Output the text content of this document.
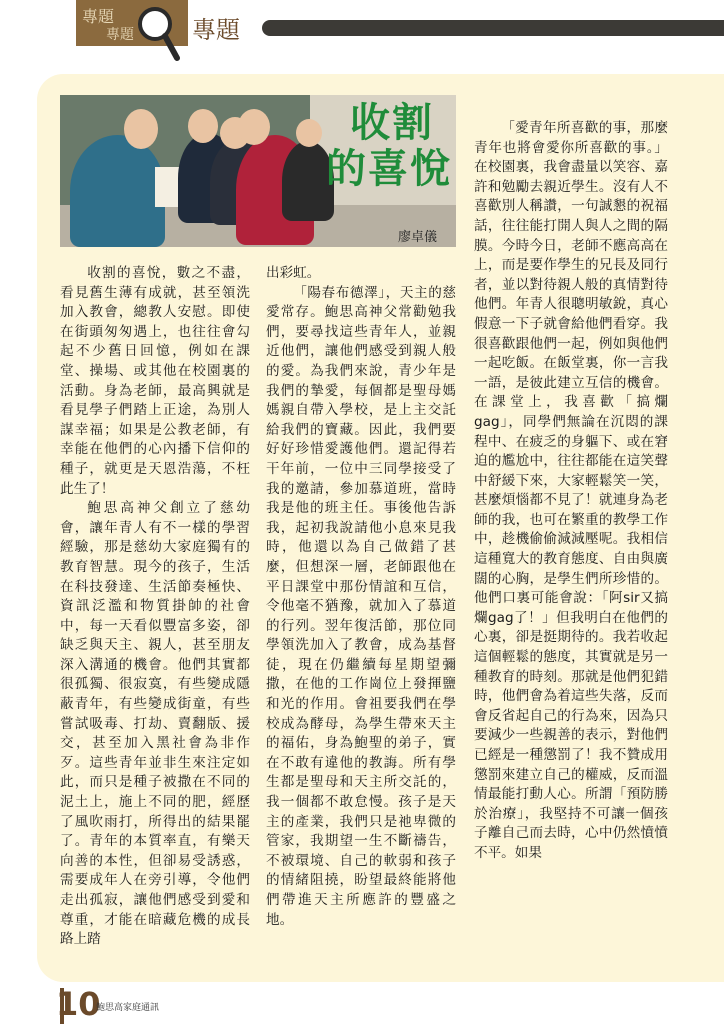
專題
專題 專題
收割
的喜悅
廖卓儀

收割的喜悅，數之不盡，看見舊生薄有成就，甚至領洗加入教會，總教人安慰。即使在街頭匆匆遇上，也往往會勾起不少舊日回憶，例如在課堂、操場、或其他在校園裏的活動。身為老師，最高興就是看見學子們踏上正途，為別人謀幸福；如果是公教老師，有幸能在他們的心內播下信仰的種子，就更是天恩浩蕩，不枉此生了！

鮑思高神父創立了慈幼會，讓年青人有不一樣的學習經驗，那是慈幼大家庭獨有的教育智慧。現今的孩子，生活在科技發達、生活節奏極快、資訊泛濫和物質掛帥的社會中，每一天看似豐富多姿，卻缺乏與天主、親人，甚至朋友深入溝通的機會。他們其實都很孤獨、很寂寞，有些變成隱蔽青年，有些變成街童，有些嘗試吸毒、打劫、賣翻版、援交，甚至加入黑社會為非作歹。這些青年並非生來注定如此，而只是種子被撒在不同的泥土上，施上不同的肥，經歷了風吹雨打，所得出的結果罷了。青年的本質率直，有樂天向善的本性，但卻易受誘惑，需要成年人在旁引導，令他們走出孤寂，讓他們感受到愛和尊重，才能在暗藏危機的成長路上踏

出彩虹。

「陽春布德澤」，天主的慈愛常存。鮑思高神父常勸勉我們，要尋找這些青年人，並親近他們，讓他們感受到親人般的愛。為我們來說，青少年是我們的摯愛，每個都是聖母媽媽親自帶入學校，是上主交託給我們的寶藏。因此，我們要好好珍惜愛護他們。還記得若干年前，一位中三同學接受了我的邀請，參加慕道班，當時我是他的班主任。事後他告訴我，起初我說請他小息來見我時，他還以為自己做錯了甚麼，但想深一層，老師跟他在平日課堂中那份情誼和互信，令他毫不猶豫，就加入了慕道的行列。翌年復活節，那位同學領洗加入了教會，成為基督徒，現在仍繼續每星期望彌撒，在他的工作崗位上發揮鹽和光的作用。會祖要我們在學校成為酵母，為學生帶來天主的福佑，身為鮑聖的弟子，實在不敢有違他的教誨。所有學生都是聖母和天主所交託的，我一個都不敢怠慢。孩子是天主的產業，我們只是祂卑微的管家，我期望一生不斷禱告，不被環境、自己的軟弱和孩子的情緒阻撓，盼望最終能將他們帶進天主所應許的豐盛之地。

「愛青年所喜歡的事，那麼青年也將會愛你所喜歡的事。」在校園裏，我會盡量以笑容、嘉許和勉勵去親近學生。沒有人不喜歡別人稱讚，一句誠懇的祝福話，往往能打開人與人之間的隔膜。今時今日，老師不應高高在上，而是要作學生的兄長及同行者，並以對待親人般的真情對待他們。年青人很聰明敏銳，真心假意一下子就會給他們看穿。我很喜歡跟他們一起，例如與他們一起吃飯。在飯堂裏，你一言我一語，是彼此建立互信的機會。在課堂上，我喜歡「搞爛gag」，同學們無論在沉悶的課程中、在疲乏的身軀下、或在窘迫的尷尬中，往往都能在這笑聲中舒緩下來，大家輕鬆笑一笑，甚麼煩惱都不見了！就連身為老師的我，也可在繁重的教學工作中，趁機偷偷減減壓呢。我相信這種寬大的教育態度、自由與廣闊的心胸，是學生們所珍惜的。他們口裏可能會說：「阿sir又搞爛gag了！」但我明白在他們的心裏，卻是挺期待的。我若收起這個輕鬆的態度，其實就是另一種教育的時刻。那就是他們犯錯時，他們會為着這些失落，反而會反省起自己的行為來，因為只要減少一些親善的表示，對他們已經是一種懲罰了！我不贊成用懲罰來建立自己的權威，反而溫情最能打動人心。所謂「預防勝於治療」，我堅持不可讓一個孩子離自己而去時，心中仍然憤憤不平。如果

10
鮑思高家庭通訊
